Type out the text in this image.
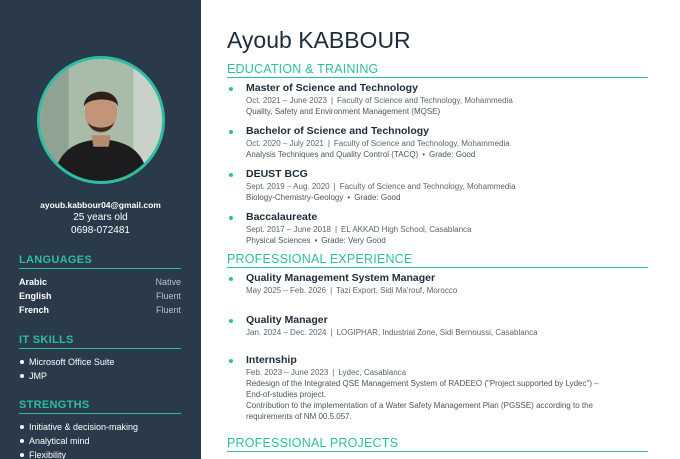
ayoub.kabbour04@gmail.com
25 years old
0698-072481
LANGUAGES
Arabic	Native
English	Fluent
French	Fluent
IT SKILLS
Microsoft Office Suite
JMP
STRENGTHS
Initiative & decision-making
Analytical mind
Flexibility
Ayoub KABBOUR
EDUCATION & TRAINING
Master of Science and Technology
Oct. 2021 – June 2023 | Faculty of Science and Technology, Mohammedia
Quality, Safety and Environment Management (MQSE)
Bachelor of Science and Technology
Oct. 2020 – July 2021 | Faculty of Science and Technology, Mohammedia
Analysis Techniques and Quality Control (TACQ) • Grade: Good
DEUST BCG
Sept. 2019 – Aug. 2020 | Faculty of Science and Technology, Mohammedia
Biology-Chemistry-Geology • Grade: Good
Baccalaureate
Sept. 2017 – June 2018 | EL AKKAD High School, Casablanca
Physical Sciences • Grade: Very Good
PROFESSIONAL EXPERIENCE
Quality Management System Manager
May 2025 – Feb. 2026 | Tazi Export, Sidi Ma'rouf, Morocco
Quality Manager
Jan. 2024 – Dec. 2024 | LOGIPHAR, Industrial Zone, Sidi Bernoussi, Casablanca
Internship
Feb. 2023 – June 2023 | Lydec, Casablanca
Redesign of the Integrated QSE Management System of RADEEO ("Project supported by Lydec") –
End-of-studies project.
Contribution to the implementation of a Water Safety Management Plan (PGSSE) according to the
requirements of NM 00.5.057.
PROFESSIONAL PROJECTS
